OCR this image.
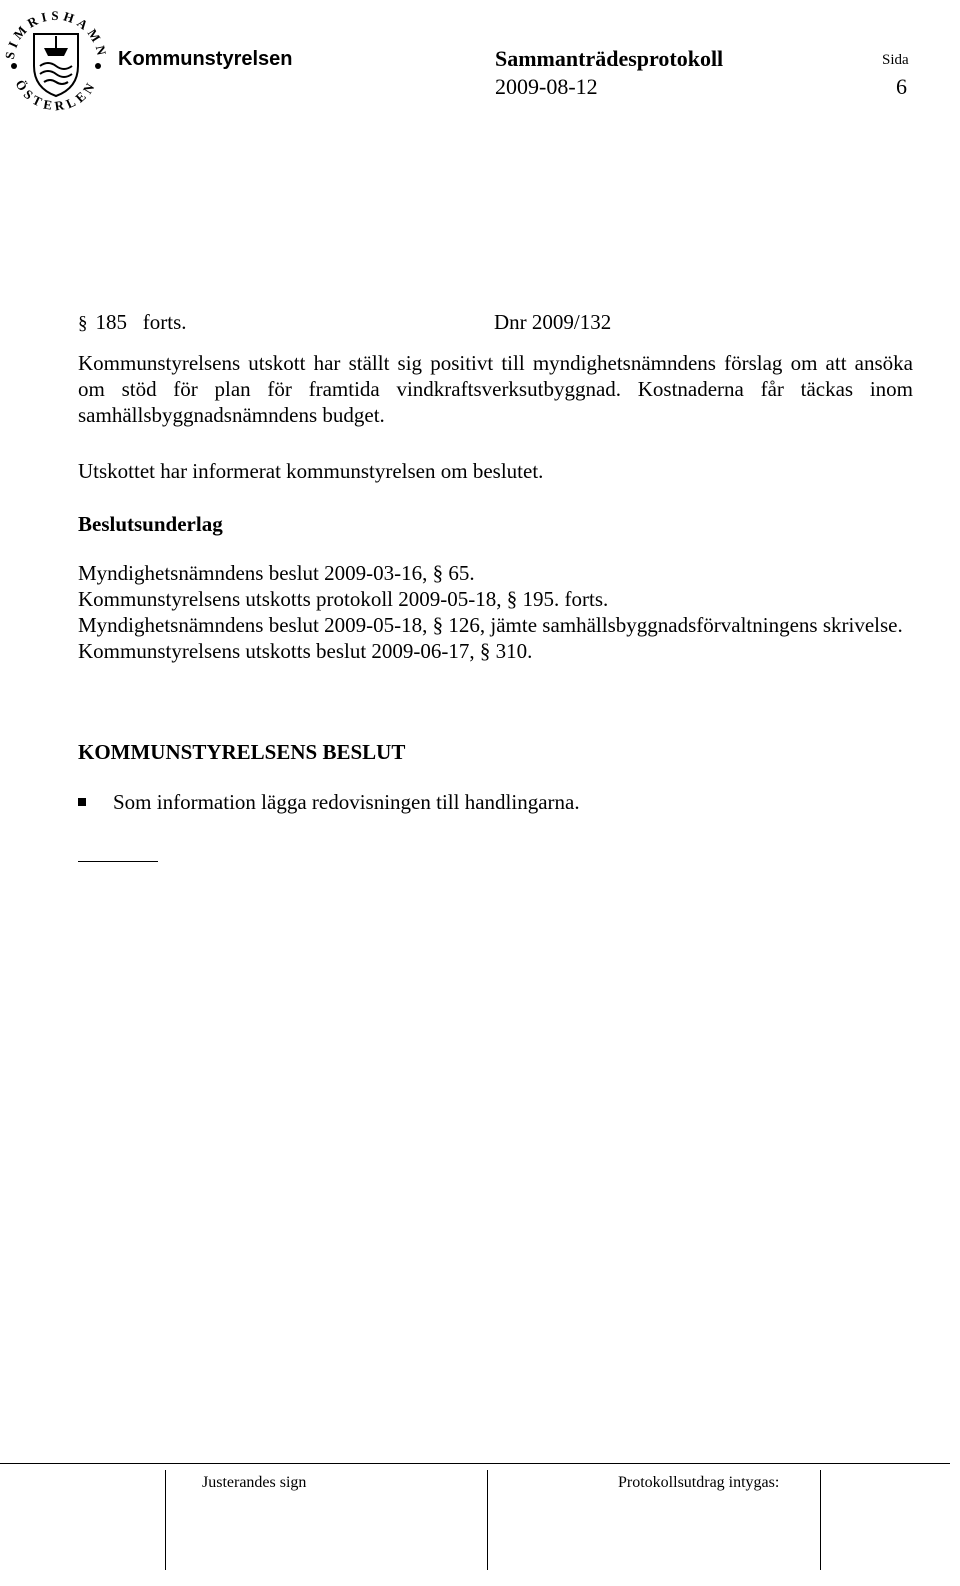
SIMRISHAMN
ÖSTERLEN
Kommunstyrelsen	Sammanträdesprotokoll
2009-08-12
Sida
6
§ 185 forts.	Dnr 2009/132
Kommunstyrelsens utskott har ställt sig positivt till myndighetsnämndens förslag om att ansöka om stöd för plan för framtida vindkraftsverksutbyggnad. Kostnaderna får täckas inom samhällsbyggnadsnämndens budget.
Utskottet har informerat kommunstyrelsen om beslutet.
Beslutsunderlag
Myndighetsnämndens beslut 2009-03-16, § 65.
Kommunstyrelsens utskotts protokoll 2009-05-18, § 195. forts.
Myndighetsnämndens beslut 2009-05-18, § 126, jämte samhällsbyggnadsförvaltningens skrivelse.
Kommunstyrelsens utskotts beslut 2009-06-17, § 310.
KOMMUNSTYRELSENS BESLUT
Som information lägga redovisningen till handlingarna.
Justerandes sign	Protokollsutdrag intygas:
